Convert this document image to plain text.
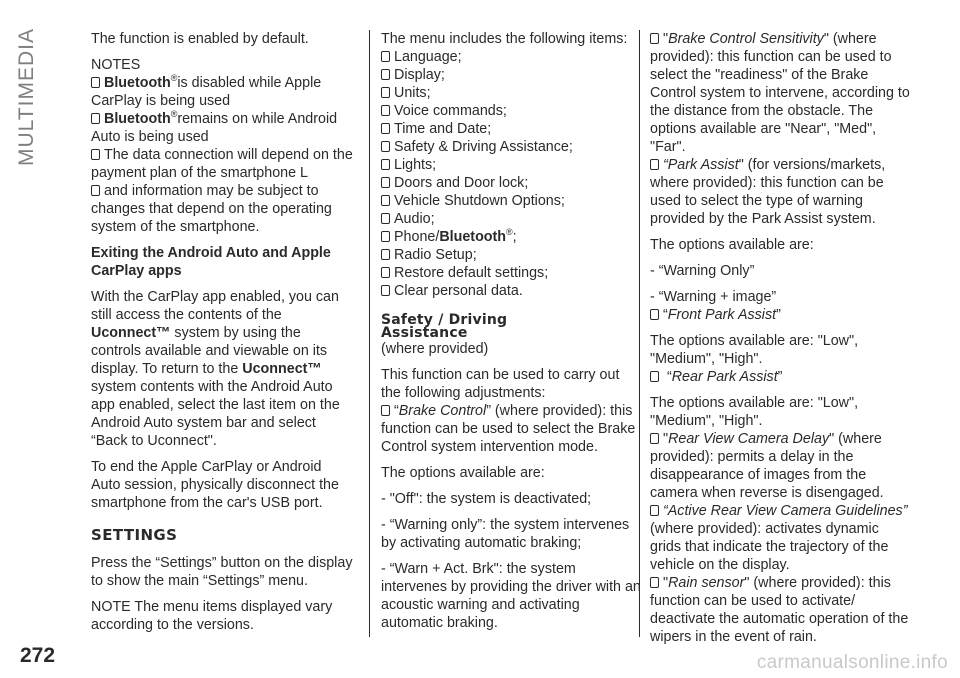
MULTIMEDIA
272	carmanualsonline.info

The function is enabled by default.

NOTES

Bluetooth®is disabled while Apple CarPlay is being used

Bluetooth®remains on while Android Auto is being used

The data connection will depend on the payment plan of the smartphone L

and information may be subject to changes that depend on the operating system of the smartphone.

Exiting the Android Auto and Apple CarPlay apps

With the CarPlay app enabled, you can still access the contents of the
Uconnect™ system by using the controls available and viewable on its display. To return to the Uconnect™ system contents with the Android Auto app enabled, select the last item on the Android Auto system bar and select “Back to Uconnect".

To end the Apple CarPlay or Android Auto session, physically disconnect the smartphone from the car's USB port.

SETTINGS

Press the “Settings” button on the display to show the main “Settings” menu.

NOTE The menu items displayed vary according to the versions.

The menu includes the following items:

Language;

Display;

Units;

Voice commands;

Time and Date;

Safety & Driving Assistance;

Lights;

Doors and Door lock;

Vehicle Shutdown Options;

Audio;

Phone/Bluetooth®;

Radio Setup;

Restore default settings;

Clear personal data.

Safety / Driving
Assistance

(where provided)

This function can be used to carry out the following adjustments:

“Brake Control” (where provided): this function can be used to select the Brake Control system intervention mode.

The options available are:

- "Off": the system is deactivated;

- “Warning only”: the system intervenes by activating automatic braking;

- “Warn + Act. Brk": the system intervenes by providing the driver with an acoustic warning and activating automatic braking.

"Brake Control Sensitivity" (where provided): this function can be used to select the "readiness" of the Brake Control system to intervene, according to the distance from the obstacle. The options available are "Near", "Med", "Far".

“Park Assist" (for versions/markets, where provided): this function can be used to select the type of warning provided by the Park Assist system.

The options available are:

- “Warning Only”

- “Warning + image”

“Front Park Assist”

The options available are: "Low", "Medium", "High".

“Rear Park Assist”

The options available are: "Low", "Medium", "High".

"Rear View Camera Delay" (where provided): permits a delay in the disappearance of images from the camera when reverse is disengaged.

“Active Rear View Camera Guidelines” (where provided): activates dynamic grids that indicate the trajectory of the vehicle on the display.

"Rain sensor" (where provided): this function can be used to activate/ deactivate the automatic operation of the wipers in the event of rain.
